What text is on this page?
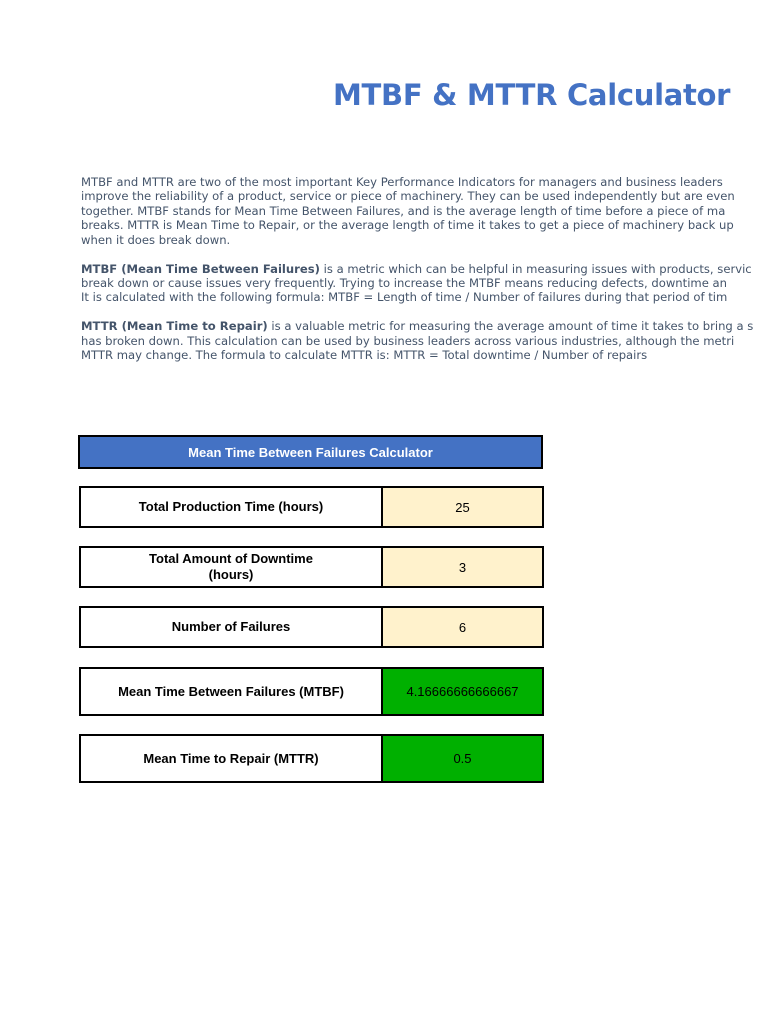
MTBF & MTTR Calculator
MTBF and MTTR are two of the most important Key Performance Indicators for managers and business leaders
improve the reliability of a product, service or piece of machinery. They can be used independently but are even
together. MTBF stands for Mean Time Between Failures, and is the average length of time before a piece of ma
breaks. MTTR is Mean Time to Repair, or the average length of time it takes to get a piece of machinery back up
when it does break down.
MTBF (Mean Time Between Failures) is a metric which can be helpful in measuring issues with products, servic
break down or cause issues very frequently. Trying to increase the MTBF means reducing defects, downtime an
It is calculated with the following formula: MTBF = Length of time / Number of failures during that period of tim
MTTR (Mean Time to Repair) is a valuable metric for measuring the average amount of time it takes to bring a s
has broken down. This calculation can be used by business leaders across various industries, although the metri
MTTR may change. The formula to calculate MTTR is: MTTR = Total downtime / Number of repairs
Mean Time Between Failures Calculator
Total Production Time (hours)	25
Total Amount of Downtime (hours)	3
Number of Failures	6
Mean Time Between Failures (MTBF)	4.16666666666667
Mean Time to Repair (MTTR)	0.5
